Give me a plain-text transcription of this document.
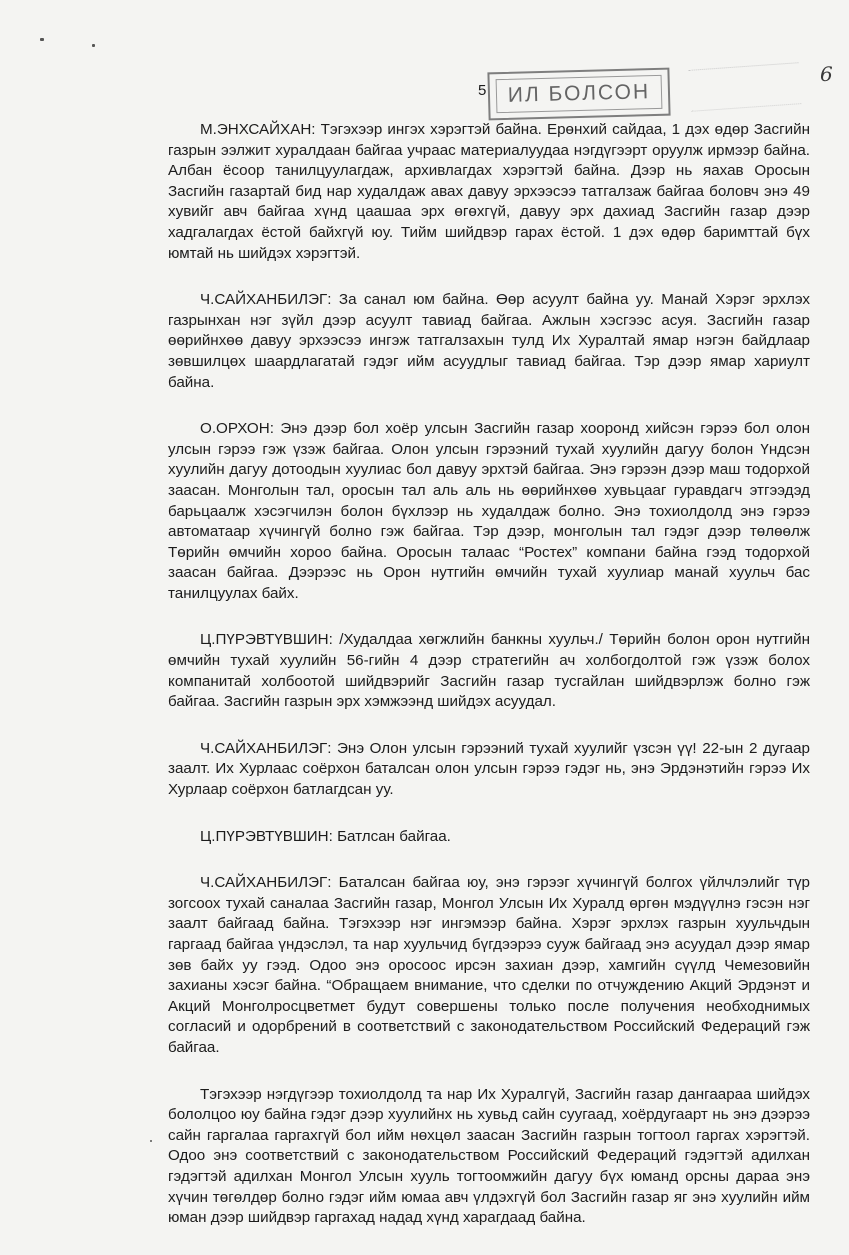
5	ИЛ БОЛСОН
6

М.ЭНХСАЙХАН: Тэгэхээр ингэх хэрэгтэй байна. Ерөнхий сайдаа, 1 дэх өдөр Засгийн газрын ээлжит хуралдаан байгаа учраас материалуудаа нэгдүгээрт оруулж ирмээр байна. Албан ёсоор танилцуулагдаж, архивлагдах хэрэгтэй байна. Дээр нь яахав Оросын Засгийн газартай бид нар худалдаж авах давуу эрхээсээ татгалзаж байгаа боловч энэ 49 хувийг авч байгаа хүнд цаашаа эрх өгөхгүй, давуу эрх дахиад Засгийн газар дээр хадгалагдах ёстой байхгүй юу. Тийм шийдвэр гарах ёстой. 1 дэх өдөр баримттай бүх юмтай нь шийдэх хэрэгтэй.

Ч.САЙХАНБИЛЭГ: За санал юм байна. Өөр асуулт байна уу. Манай Хэрэг эрхлэх газрынхан нэг зүйл дээр асуулт тавиад байгаа. Ажлын хэсгээс асуя. Засгийн газар өөрийнхөө давуу эрхээсээ ингэж татгалзахын тулд Их Хуралтай ямар нэгэн байдлаар зөвшилцөх шаардлагатай гэдэг ийм асуудлыг тавиад байгаа. Тэр дээр ямар хариулт байна.

О.ОРХОН: Энэ дээр бол хоёр улсын Засгийн газар хооронд хийсэн гэрээ бол олон улсын гэрээ гэж үзэж байгаа. Олон улсын гэрээний тухай хуулийн дагуу болон Үндсэн хуулийн дагуу дотоодын хуулиас бол давуу эрхтэй байгаа. Энэ гэрээн дээр маш тодорхой заасан. Монголын тал, оросын тал аль аль нь өөрийнхөө хувьцааг гуравдагч этгээдэд барьцаалж хэсэгчилэн болон бүхлээр нь худалдаж болно. Энэ тохиолдолд энэ гэрээ автоматаар хүчингүй болно гэж байгаа. Тэр дээр, монголын тал гэдэг дээр төлөөлж Төрийн өмчийн хороо байна. Оросын талаас “Ростех” компани байна гээд тодорхой заасан байгаа. Дээрээс нь Орон нутгийн өмчийн тухай хуулиар манай хуульч бас танилцуулах байх.

Ц.ПҮРЭВТҮВШИН: /Худалдаа хөгжлийн банкны хуульч./ Төрийн болон орон нутгийн өмчийн тухай хуулийн 56-гийн 4 дээр стратегийн ач холбогдолтой гэж үзэж болох компанитай холбоотой шийдвэрийг Засгийн газар тусгайлан шийдвэрлэж болно гэж байгаа. Засгийн газрын эрх хэмжээнд шийдэх асуудал.

Ч.САЙХАНБИЛЭГ: Энэ Олон улсын гэрээний тухай хуулийг үзсэн үү! 22-ын 2 дугаар заалт. Их Хурлаас соёрхон баталсан олон улсын гэрээ гэдэг нь, энэ Эрдэнэтийн гэрээ Их Хурлаар соёрхон батлагдсан уу.

Ц.ПҮРЭВТҮВШИН: Батлсан байгаа.

Ч.САЙХАНБИЛЭГ: Баталсан байгаа юу, энэ гэрээг хүчингүй болгох үйлчлэлийг түр зогсоох тухай саналаа Засгийн газар, Монгол Улсын Их Хуралд өргөн мэдүүлнэ гэсэн нэг заалт байгаад байна. Тэгэхээр нэг ингэмээр байна. Хэрэг эрхлэх газрын хуульчдын гаргаад байгаа үндэслэл, та нар хуульчид бүгдээрээ сууж байгаад энэ асуудал дээр ямар зөв байх уу гээд. Одоо энэ оросоос ирсэн захиан дээр, хамгийн сүүлд Чемезовийн захианы хэсэг байна. “Обращаем внимание, что сделки по отчуждению Акций Эрдэнэт и Акций Монголросцветмет будут совершены только после получения необходнимых согласий и одорбрений в соответствий с законодательством Российский Федераций гэж байгаа.

Тэгэхээр нэгдүгээр тохиолдолд та нар Их Хуралгүй, Засгийн газар дангаараа шийдэх бололцоо юу байна гэдэг дээр хуулийнх нь хувьд сайн суугаад, хоёрдугаарт нь энэ дээрээ сайн гаргалаа гаргахгүй бол ийм нөхцөл заасан Засгийн газрын тогтоол гаргах хэрэгтэй. Одоо энэ соответствий с законодательством Российский Федераций гэдэгтэй адилхан гэдэгтэй адилхан Монгол Улсын хууль тогтоомжийн дагуу бүх юманд орсны дараа энэ хүчин төгөлдөр болно гэдэг ийм юмаа авч үлдэхгүй бол Засгийн газар яг энэ хуулийн ийм юман дээр шийдвэр гаргахад надад хүнд харагдаад байна.
